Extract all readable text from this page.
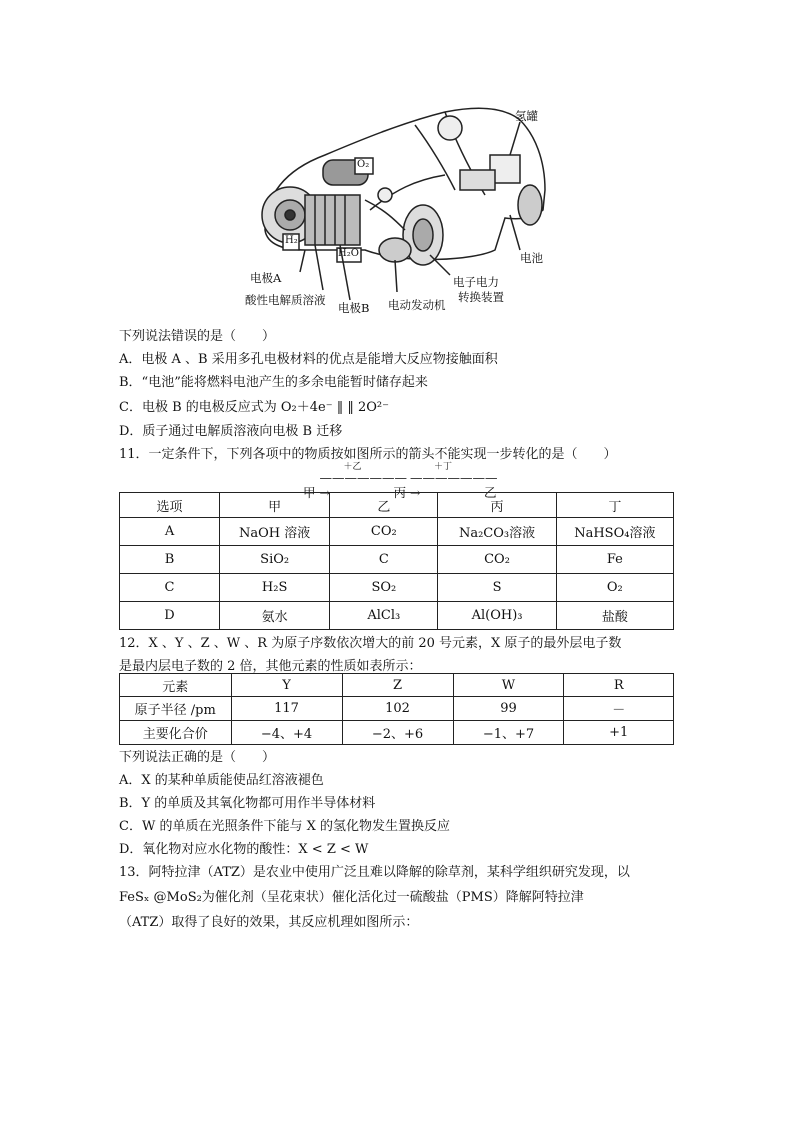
氢罐
O₂
H₂
H₂O	电池
电极A
酸性电解质溶液
电极B 电动发动机
电子电力
转换装置
下列说法错误的是（　　）
A．电极 A 、B 采用多孔电极材料的优点是能增大反应物接触面积
B．“电池”能将燃料电池产生的多余电能暂时储存起来
C．电极 B 的电极反应式为 O₂＋4e⁻ ‖ ‖ 2O²⁻
D．质子通过电解质溶液向电极 B 迁移
11．一定条件下，下列各项中的物质按如图所示的箭头不能实现一步转化的是（　　）
甲
＋乙
———————→	丙
＋丁
———————→	乙
选项	甲	乙	丙	丁
A	NaOH 溶液	CO₂	Na₂CO₃溶液	NaHSO₄溶液
B	SiO₂	C	CO₂	Fe
C	H₂S	SO₂	S	O₂
D	氨水	AlCl₃	Al(OH)₃	盐酸
12．X 、Y 、Z 、W 、R 为原子序数依次增大的前 20 号元素，X 原子的最外层电子数
是最内层电子数的 2 倍，其他元素的性质如表所示：
元素	Y	Z	W	R
原子半径 /pm	117	102	99	－
主要化合价	−4、+4	−2、+6	−1、+7	+1
下列说法正确的是（　　）
A．X 的某种单质能使品红溶液褪色
B．Y 的单质及其氧化物都可用作半导体材料
C．W 的单质在光照条件下能与 X 的氢化物发生置换反应
D．氧化物对应水化物的酸性：X < Z < W
13．阿特拉津（ATZ）是农业中使用广泛且难以降解的除草剂，某科学组织研究发现，以
FeSₓ @MoS₂为催化剂（呈花束状）催化活化过一硫酸盐（PMS）降解阿特拉津
（ATZ）取得了良好的效果，其反应机理如图所示：
